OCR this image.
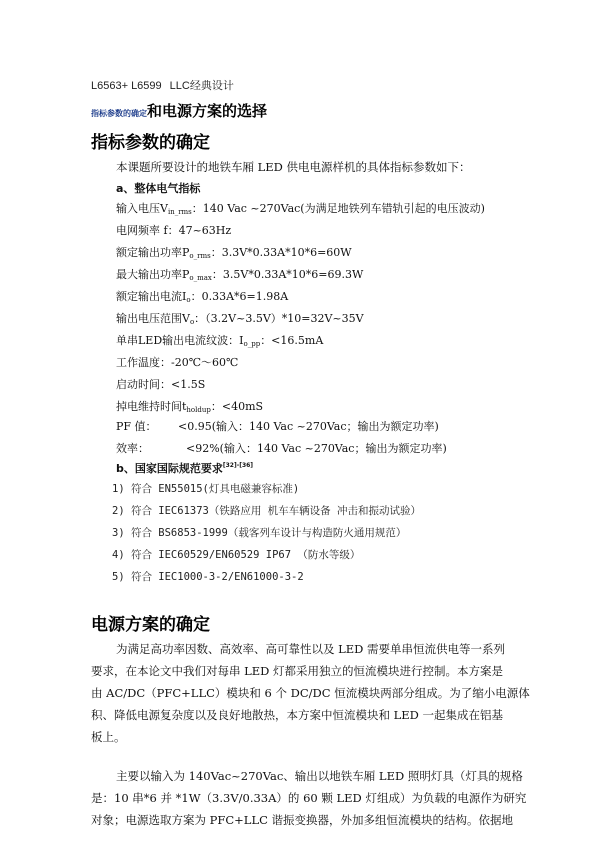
L6563+ L6599 LLC经典设计
指标参数的确定和电源方案的选择
指标参数的确定
本课题所要设计的地铁车厢 LED 供电电源样机的具体指标参数如下：
a、整体电气指标
输入电压$V_{in\_rms}$：140 Vac ~270Vac(为满足地铁列车错轨引起的电压波动)
电网频率 f：47~63Hz
额定输出功率$P_{o\_rms}$：3.3V*0.33A*10*6=60W
最大输出功率$P_{o\_max}$：3.5V*0.33A*10*6=69.3W
额定输出电流$I_o$：0.33A*6=1.98A
输出电压范围$V_o$：（3.2V~3.5V）*10=32V~35V
单串LED输出电流纹波：$I_{o\_pp}$：<16.5mA
工作温度：-20℃～60℃
启动时间：<1.5S
掉电维持时间$t_{holdup}$：<40mS
PF 值： <0.95(输入：140 Vac ~270Vac；输出为额定功率)
效率：	<92%(输入：140 Vac ~270Vac；输出为额定功率)
b、国家国际规范要求[32]-[36]
1) 符合 EN55015(灯具电磁兼容标准)
2) 符合 IEC61373（铁路应用 机车车辆设备 冲击和振动试验）
3) 符合 BS6853-1999（载客列车设计与构造防火通用规范）
4) 符合 IEC60529/EN60529 IP67 （防水等级）
5) 符合 IEC1000-3-2/EN61000-3-2
电源方案的确定
为满足高功率因数、高效率、高可靠性以及 LED 需要单串恒流供电等一系列
要求，在本论文中我们对每串 LED 灯都采用独立的恒流模块进行控制。本方案是
由 AC/DC（PFC+LLC）模块和 6 个 DC/DC 恒流模块两部分组成。为了缩小电源体
积、降低电源复杂度以及良好地散热，本方案中恒流模块和 LED 一起集成在铝基
板上。
主要以输入为 140Vac~270Vac、输出以地铁车厢 LED 照明灯具（灯具的规格
是：10 串*6 并 *1W（3.3V/0.33A）的 60 颗 LED 灯组成）为负载的电源作为研究
对象；电源选取方案为 PFC+LLC 谐振变换器，外加多组恒流模块的结构。依据地
